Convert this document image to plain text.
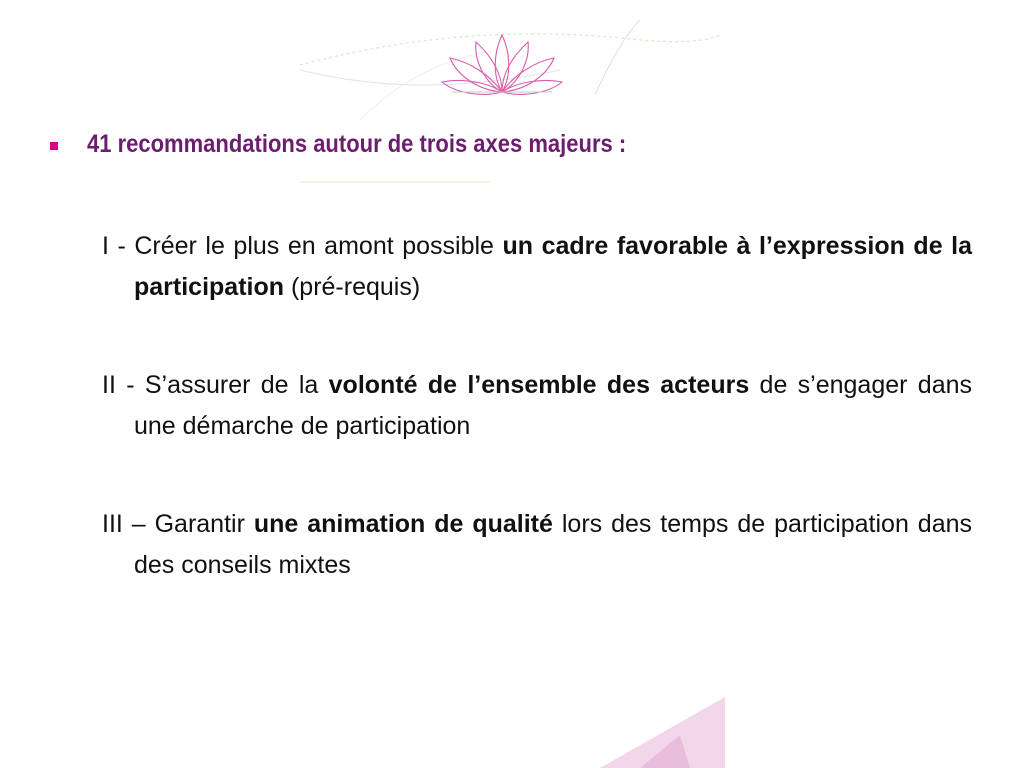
41 recommandations autour de trois axes majeurs :
I - Créer le plus en amont possible un cadre favorable à l’expression de la participation (pré-requis)
II - S’assurer de la volonté de l’ensemble des acteurs de s’engager dans une démarche de participation
III – Garantir une animation de qualité lors des temps de participation dans des conseils mixtes
